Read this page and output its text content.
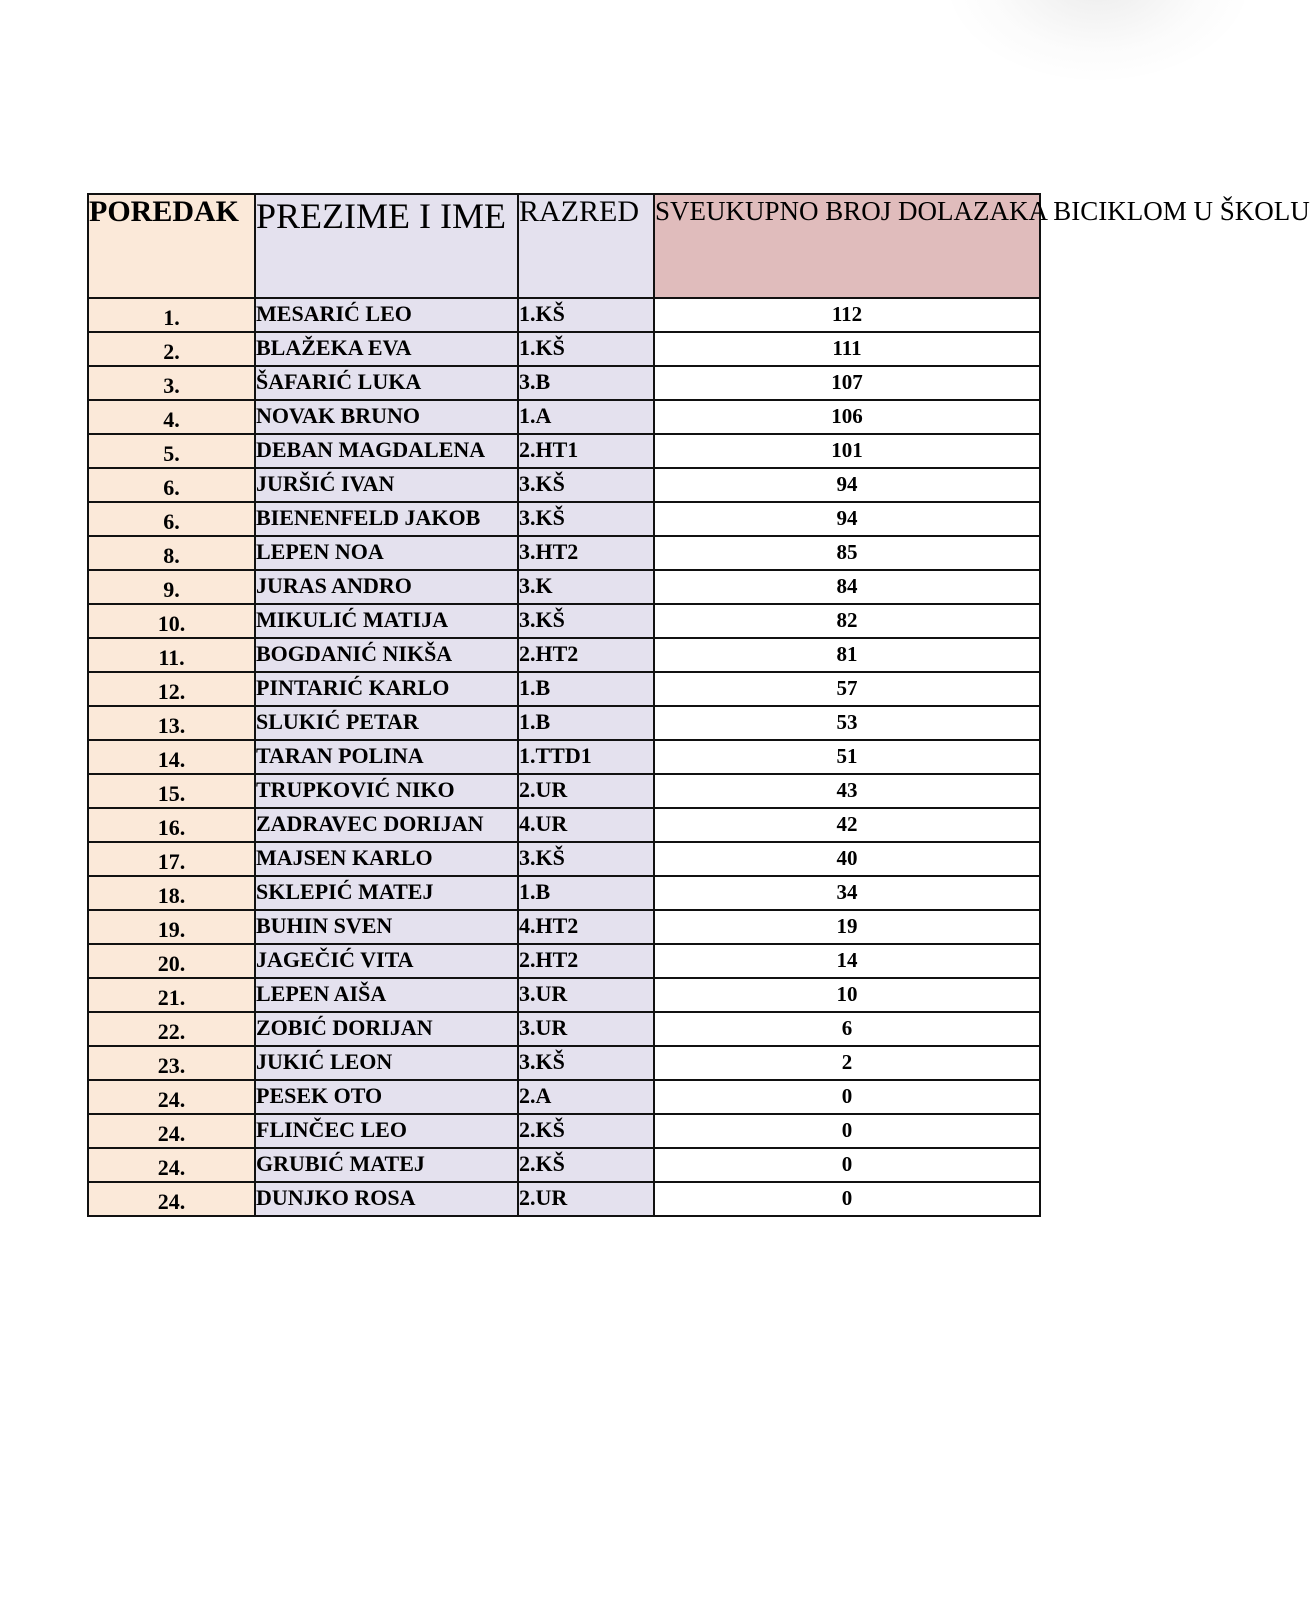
POREDAK	PREZIME I IME	RAZRED	SVEUKUPNO BROJ DOLAZAKA BICIKLOM U ŠKOLU
1.	MESARIĆ LEO	1.KŠ	112
2.	BLAŽEKA EVA	1.KŠ	111
3.	ŠAFARIĆ LUKA	3.B	107
4.	NOVAK BRUNO	1.A	106
5.	DEBAN MAGDALENA	2.HT1	101
6.	JURŠIĆ IVAN	3.KŠ	94
6.	BIENENFELD JAKOB	3.KŠ	94
8.	LEPEN NOA	3.HT2	85
9.	JURAS ANDRO	3.K	84
10.	MIKULIĆ MATIJA	3.KŠ	82
11.	BOGDANIĆ NIKŠA	2.HT2	81
12.	PINTARIĆ KARLO	1.B	57
13.	SLUKIĆ PETAR	1.B	53
14.	TARAN POLINA	1.TTD1	51
15.	TRUPKOVIĆ NIKO	2.UR	43
16.	ZADRAVEC DORIJAN	4.UR	42
17.	MAJSEN KARLO	3.KŠ	40
18.	SKLEPIĆ MATEJ	1.B	34
19.	BUHIN SVEN	4.HT2	19
20.	JAGEČIĆ VITA	2.HT2	14
21.	LEPEN AIŠA	3.UR	10
22.	ZOBIĆ DORIJAN	3.UR	6
23.	JUKIĆ LEON	3.KŠ	2
24.	PESEK OTO	2.A	0
24.	FLINČEC LEO	2.KŠ	0
24.	GRUBIĆ MATEJ	2.KŠ	0
24.	DUNJKO ROSA	2.UR	0
